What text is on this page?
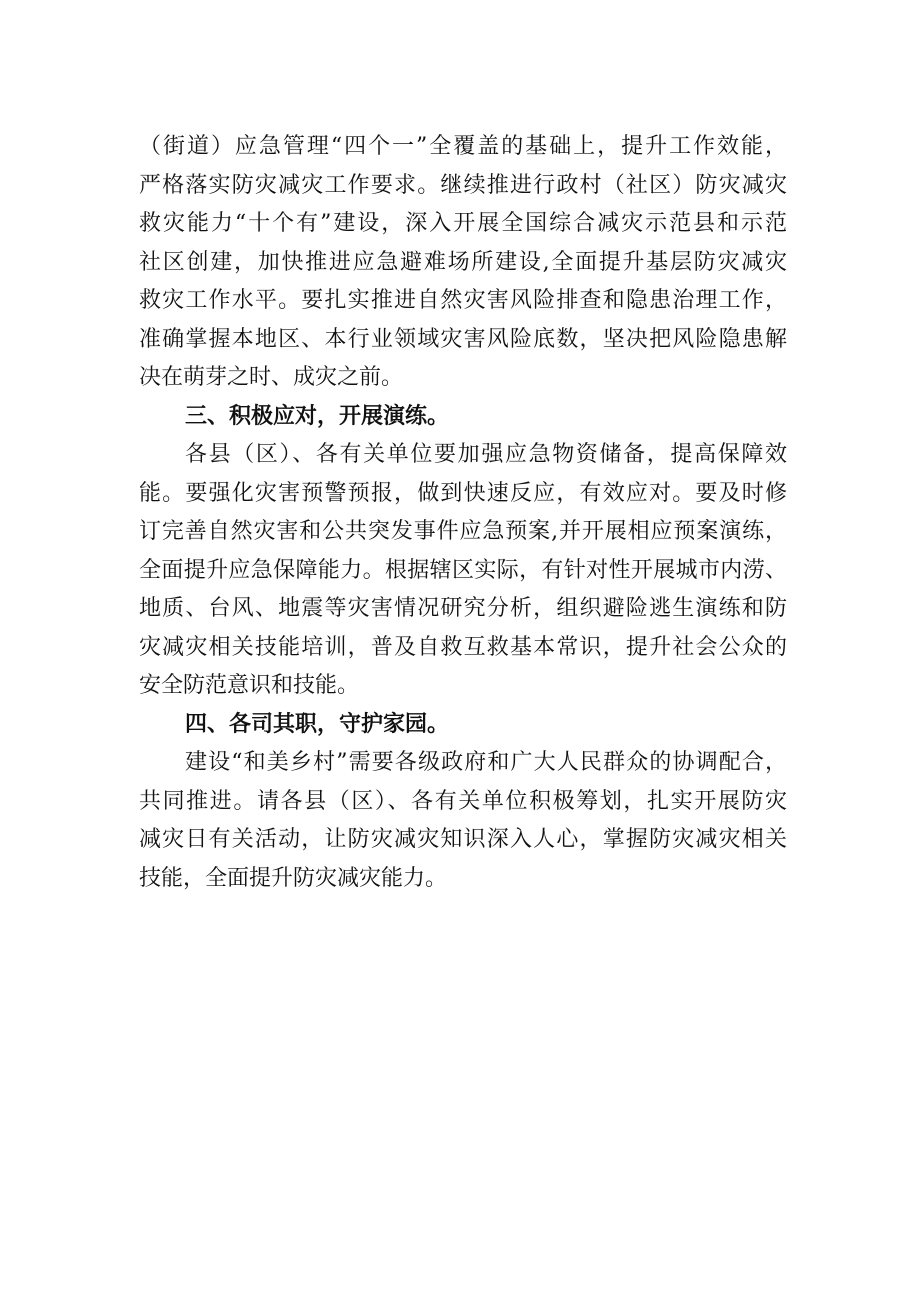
（街道）应急管理“四个一”全覆盖的基础上，提升工作效能，
严格落实防灾减灾工作要求。继续推进行政村（社区）防灾减灾
救灾能力“十个有”建设，深入开展全国综合减灾示范县和示范
社区创建，加快推进应急避难场所建设,全面提升基层防灾减灾
救灾工作水平。要扎实推进自然灾害风险排查和隐患治理工作，
准确掌握本地区、本行业领域灾害风险底数，坚决把风险隐患解
决在萌芽之时、成灾之前。
三、积极应对，开展演练。
各县（区）、各有关单位要加强应急物资储备，提高保障效
能。要强化灾害预警预报，做到快速反应，有效应对。要及时修
订完善自然灾害和公共突发事件应急预案,并开展相应预案演练，
全面提升应急保障能力。根据辖区实际，有针对性开展城市内涝、
地质、台风、地震等灾害情况研究分析，组织避险逃生演练和防
灾减灾相关技能培训，普及自救互救基本常识，提升社会公众的
安全防范意识和技能。
四、各司其职，守护家园。
建设“和美乡村”需要各级政府和广大人民群众的协调配合，
共同推进。请各县（区）、各有关单位积极筹划，扎实开展防灾
减灾日有关活动，让防灾减灾知识深入人心，掌握防灾减灾相关
技能，全面提升防灾减灾能力。
